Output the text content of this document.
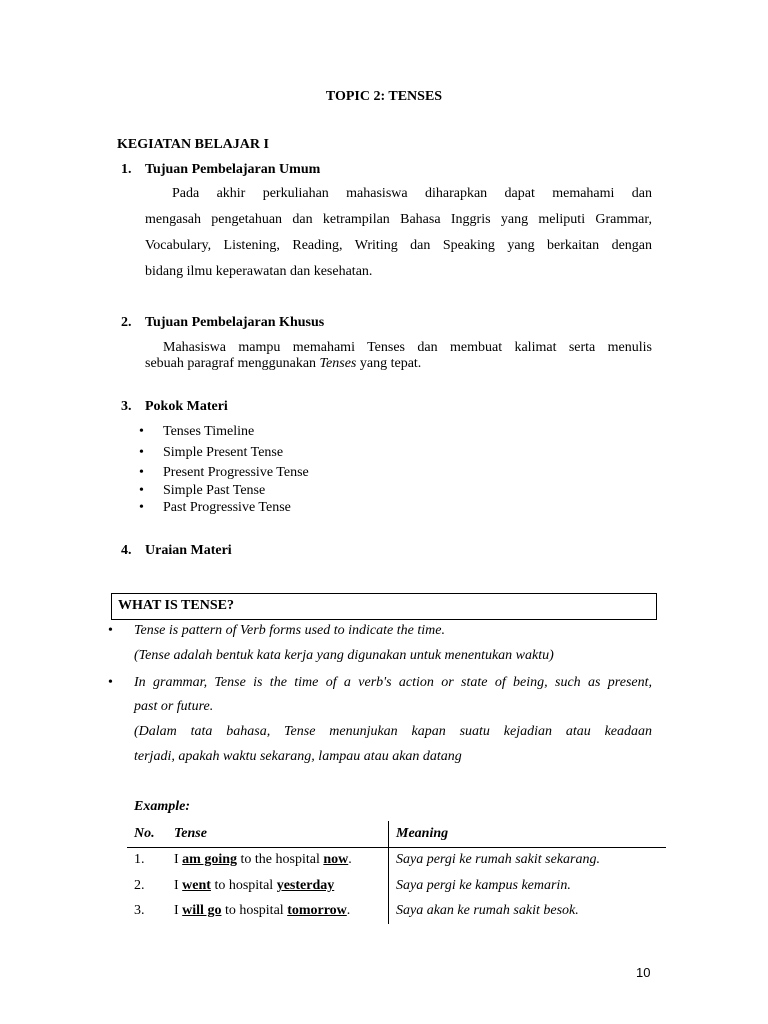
TOPIC 2: TENSES
KEGIATAN BELAJAR I
1. Tujuan Pembelajaran Umum
Pada akhir perkuliahan mahasiswa diharapkan dapat memahami dan
mengasah pengetahuan dan ketrampilan Bahasa Inggris yang meliputi Grammar,
Vocabulary, Listening, Reading, Writing dan Speaking yang berkaitan dengan
bidang ilmu keperawatan dan kesehatan.
2. Tujuan Pembelajaran Khusus
Mahasiswa mampu memahami Tenses dan membuat kalimat serta menulis
sebuah paragraf menggunakan Tenses yang tepat.
3. Pokok Materi
• Tenses Timeline
• Simple Present Tense
• Present Progressive Tense
• Simple Past Tense
• Past Progressive Tense
4. Uraian Materi
WHAT IS TENSE?
• Tense is pattern of Verb forms used to indicate the time.
(Tense adalah bentuk kata kerja yang digunakan untuk menentukan waktu)
• In grammar, Tense is the time of a verb's action or state of being, such as present,
past or future.
(Dalam tata bahasa, Tense menunjukan kapan suatu kejadian atau keadaan
terjadi, apakah waktu sekarang, lampau atau akan datang
Example:
No.	Tense	Meaning
1.	I am going to the hospital now.	Saya pergi ke rumah sakit sekarang.
2.	I went to hospital yesterday	Saya pergi ke kampus kemarin.
3.	I will go to hospital tomorrow.	Saya akan ke rumah sakit besok.
10
